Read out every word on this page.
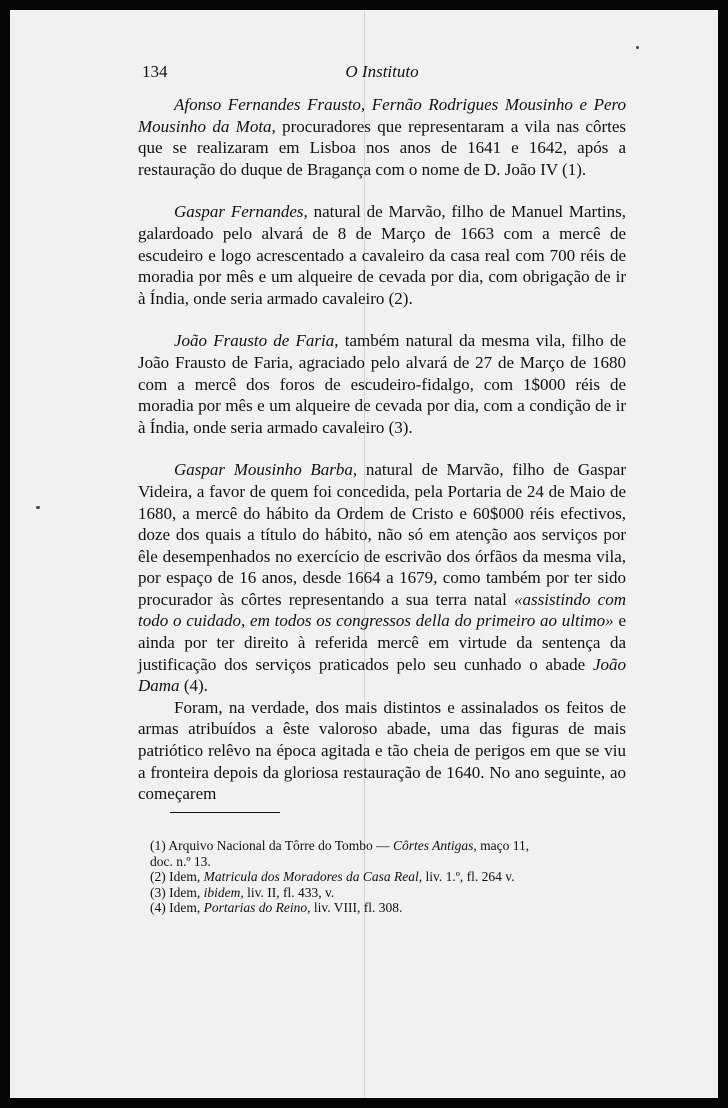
134	O Instituto

Afonso Fernandes Frausto, Fernão Rodrigues Mousinho e Pero Mousinho da Mota, procuradores que representaram a vila nas côrtes que se realizaram em Lisboa nos anos de 1641 e 1642, após a restauração do duque de Bragança com o nome de D. João IV (1).

Gaspar Fernandes, natural de Marvão, filho de Manuel Martins, galardoado pelo alvará de 8 de Março de 1663 com a mercê de escudeiro e logo acrescentado a cavaleiro da casa real com 700 réis de moradia por mês e um alqueire de cevada por dia, com obrigação de ir à Índia, onde seria armado cavaleiro (2).

João Frausto de Faria, também natural da mesma vila, filho de João Frausto de Faria, agraciado pelo alvará de 27 de Março de 1680 com a mercê dos foros de escudeiro-fidalgo, com 1$000 réis de moradia por mês e um alqueire de cevada por dia, com a condição de ir à Índia, onde seria armado cavaleiro (3).

Gaspar Mousinho Barba, natural de Marvão, filho de Gaspar Videira, a favor de quem foi concedida, pela Portaria de 24 de Maio de 1680, a mercê do hábito da Ordem de Cristo e 60$000 réis efectivos, doze dos quais a título do hábito, não só em atenção aos serviços por êle desempenhados no exercício de escrivão dos órfãos da mesma vila, por espaço de 16 anos, desde 1664 a 1679, como também por ter sido procurador às côrtes representando a sua terra natal «assistindo com todo o cuidado, em todos os congressos della do primeiro ao ultimo» e ainda por ter direito à referida mercê em virtude da sentença da justificação dos serviços praticados pelo seu cunhado o abade João Dama (4).

Foram, na verdade, dos mais distintos e assinalados os feitos de armas atribuídos a êste valoroso abade, uma das figuras de mais patriótico relêvo na época agitada e tão cheia de perigos em que se viu a fronteira depois da gloriosa restauração de 1640. No ano seguinte, ao começarem

(1) Arquivo Nacional da Tôrre do Tombo — Côrtes Antigas, maço 11,

doc. n.º 13.

(2) Idem, Matricula dos Moradores da Casa Real, liv. 1.º, fl. 264 v.

(3) Idem, ibidem, liv. II, fl. 433, v.

(4) Idem, Portarias do Reino, liv. VIII, fl. 308.
